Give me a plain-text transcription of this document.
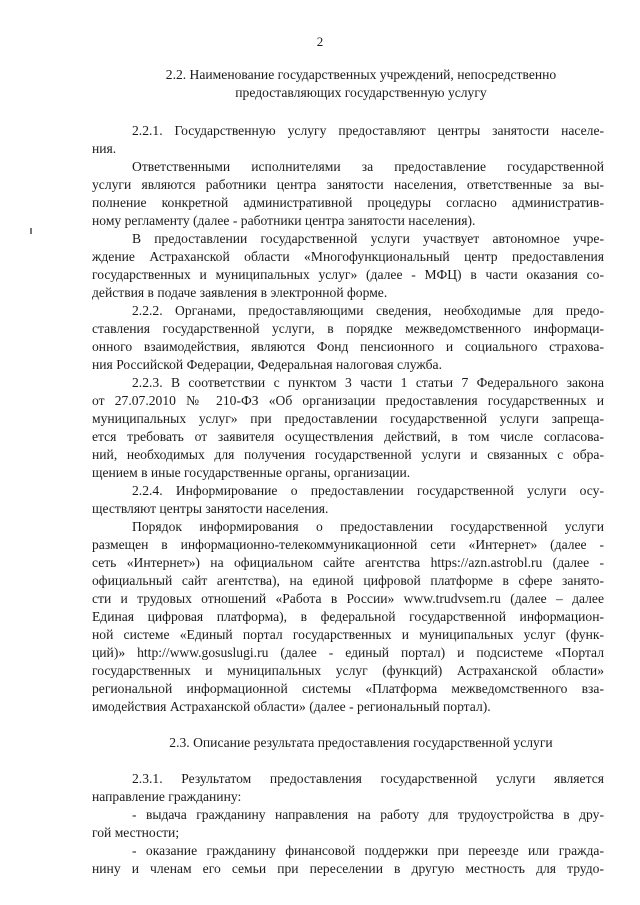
2
2.2. Наименование государственных учреждений, непосредственно
предоставляющих государственную услугу
2.2.1. Государственную услугу предоставляют центры занятости населе-
ния.
Ответственными исполнителями за предоставление государственной
услуги являются работники центра занятости населения, ответственные за вы-
полнение конкретной административной процедуры согласно административ-
ному регламенту (далее - работники центра занятости населения).
В предоставлении государственной услуги участвует автономное учре-
ждение Астраханской области «Многофункциональный центр предоставления
государственных и муниципальных услуг» (далее - МФЦ) в части оказания со-
действия в подаче заявления в электронной форме.
2.2.2. Органами, предоставляющими сведения, необходимые для предо-
ставления государственной услуги, в порядке межведомственного информаци-
онного взаимодействия, являются Фонд пенсионного и социального страхова-
ния Российской Федерации, Федеральная налоговая служба.
2.2.3. В соответствии с пунктом 3 части 1 статьи 7 Федерального закона
от 27.07.2010 № 210-ФЗ «Об организации предоставления государственных и
муниципальных услуг» при предоставлении государственной услуги запреща-
ется требовать от заявителя осуществления действий, в том числе согласова-
ний, необходимых для получения государственной услуги и связанных с обра-
щением в иные государственные органы, организации.
2.2.4. Информирование о предоставлении государственной услуги осу-
ществляют центры занятости населения.
Порядок информирования о предоставлении государственной услуги
размещен в информационно-телекоммуникационной сети «Интернет» (далее -
сеть «Интернет») на официальном сайте агентства https://azn.astrobl.ru (далее -
официальный сайт агентства), на единой цифровой платформе в сфере занято-
сти и трудовых отношений «Работа в России» www.trudvsem.ru (далее – далее
Единая цифровая платформа), в федеральной государственной информацион-
ной системе «Единый портал государственных и муниципальных услуг (функ-
ций)» http://www.gosuslugi.ru (далее - единый портал) и подсистеме «Портал
государственных и муниципальных услуг (функций) Астраханской области»
региональной информационной системы «Платформа межведомственного вза-
имодействия Астраханской области» (далее - региональный портал).
2.3. Описание результата предоставления государственной услуги
2.3.1. Результатом предоставления государственной услуги является
направление гражданину:
- выдача гражданину направления на работу для трудоустройства в дру-
гой местности;
- оказание гражданину финансовой поддержки при переезде или гражда-
нину и членам его семьи при переселении в другую местность для трудо-
